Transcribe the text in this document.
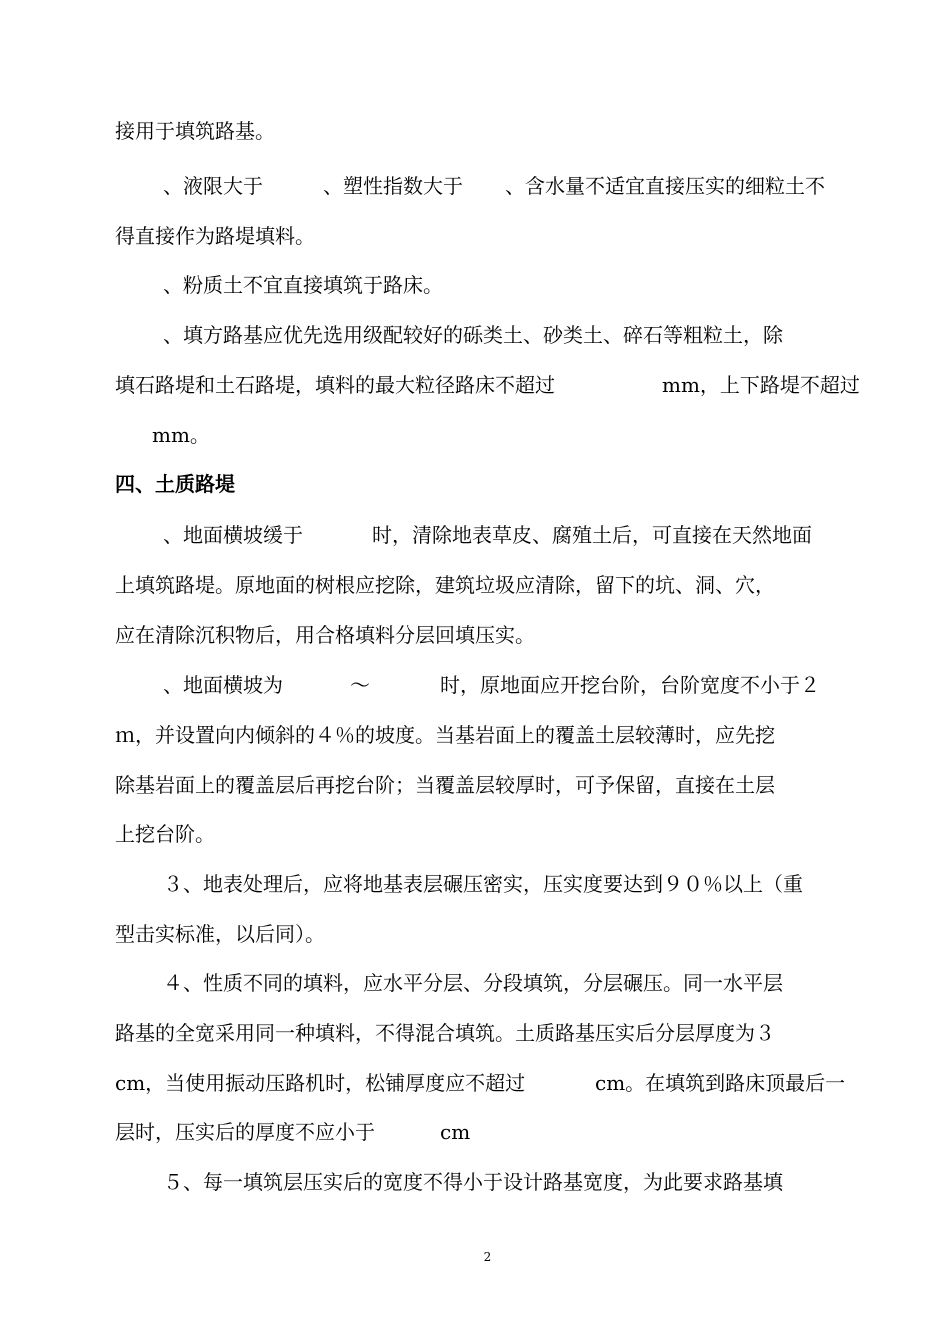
接用于填筑路基。

、液限大于

	、塑性指数大于

、含水量不适宜直接压实的细粒土不

得直接作为路堤填料。

、粉质土不宜直接填筑于路床。

、填方路基应优先选用级配较好的砾类土、砂类土、碎石等粗粒土，除

填石路堤和土石路堤，填料的最大粒径路床不超过

	mm，上下路堤不超过

mm。

四、土质路堤

、地面横坡缓于

	时，清除地表草皮、腐殖土后，可直接在天然地面

上填筑路堤。原地面的树根应挖除，建筑垃圾应清除，留下的坑、洞、穴，

应在清除沉积物后，用合格填料分层回填压实。

、地面横坡为

	～

	时，原地面应开挖台阶，台阶宽度不小于２

ｍ，并设置向内倾斜的４％的坡度。当基岩面上的覆盖土层较薄时，应先挖

除基岩面上的覆盖层后再挖台阶；当覆盖层较厚时，可予保留，直接在土层

上挖台阶。

３、地表处理后，应将地基表层碾压密实，压实度要达到９０％以上（重

型击实标准，以后同）。

４、性质不同的填料，应水平分层、分段填筑，分层碾压。同一水平层

路基的全宽采用同一种填料，不得混合填筑。土质路基压实后分层厚度为３

cm，当使用振动压路机时，松铺厚度应不超过

	cm。在填筑到路床顶最后一

层时，压实后的厚度不应小于

	cm

５、每一填筑层压实后的宽度不得小于设计路基宽度，为此要求路基填

2
